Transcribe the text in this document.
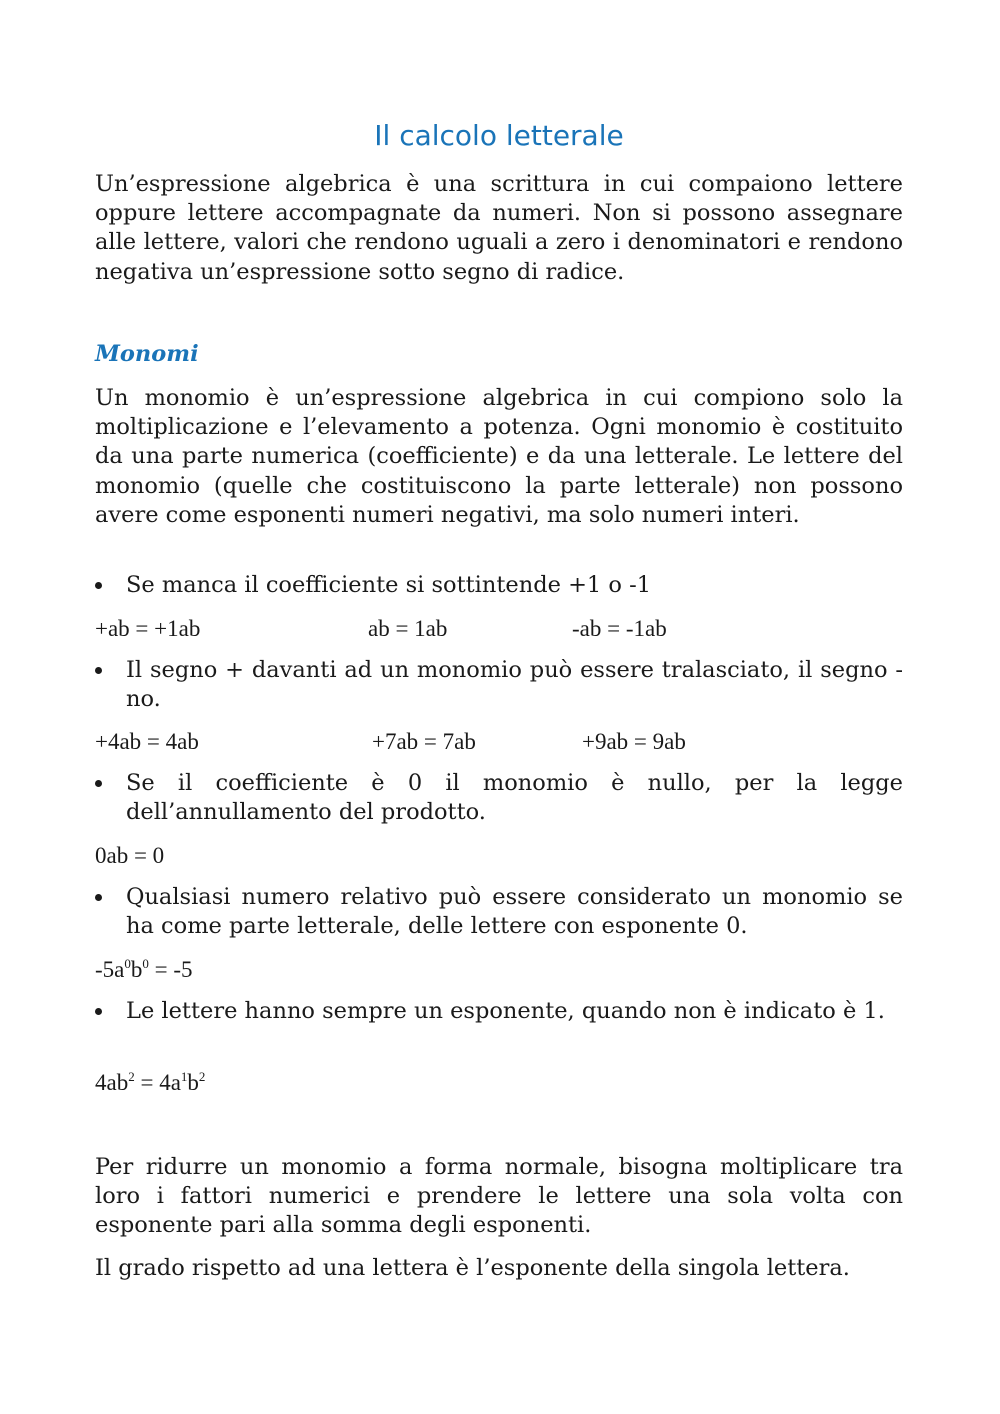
Il calcolo letterale

Un’espressione algebrica è una scrittura in cui compaiono lettere oppure lettere accompagnate da numeri. Non si possono assegnare alle lettere, valori che rendono uguali a zero i denominatori e rendono negativa un’espressione sotto segno di radice.

Monomi

Un monomio è un’espressione algebrica in cui compiono solo la moltiplicazione e l’elevamento a potenza. Ogni monomio è costituito da una parte numerica (coefficiente) e da una letterale. Le lettere del monomio (quelle che costituiscono la parte letterale) non possono avere come esponenti numeri negativi, ma solo numeri interi.

Se manca il coefficiente si sottintende +1 o -1
+ab = +1ab	ab = 1ab	-ab = -1ab
Il segno + davanti ad un monomio può essere tralasciato, il segno - no.
+4ab = 4ab	+7ab = 7ab	+9ab = 9ab
Se il coefficiente è 0 il monomio è nullo, per la legge dell’annullamento del prodotto.
0ab = 0
Qualsiasi numero relativo può essere considerato un monomio se ha come parte letterale, delle lettere con esponente 0.
$-5a^0b^0 = -5$
Le lettere hanno sempre un esponente, quando non è indicato è 1.
$4ab^2 = 4a^1b^2$

Per ridurre un monomio a forma normale, bisogna moltiplicare tra loro i fattori numerici e prendere le lettere una sola volta con esponente pari alla somma degli esponenti.

Il grado rispetto ad una lettera è l’esponente della singola lettera.
